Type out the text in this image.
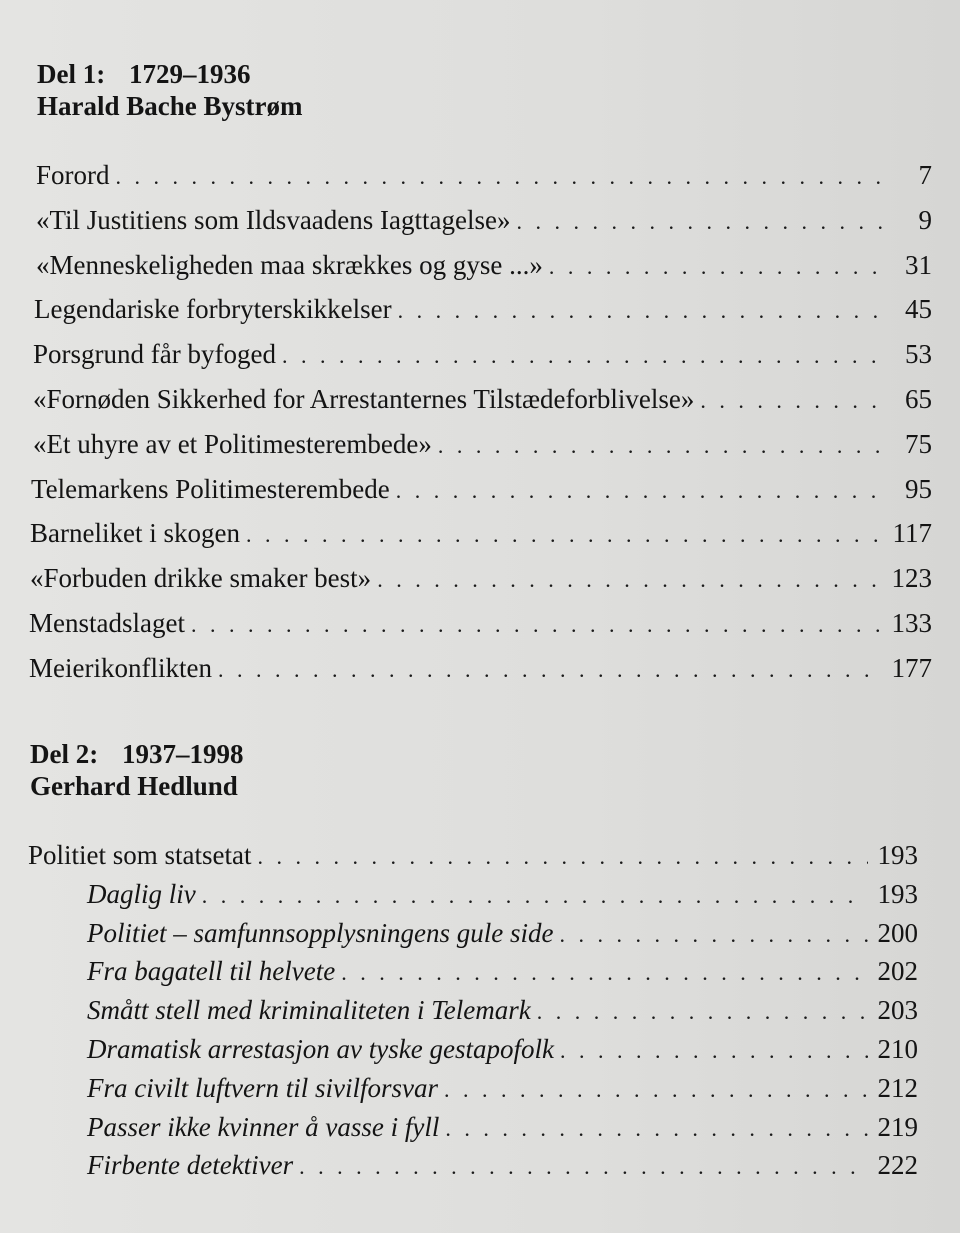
Del 1: 1729–1936
Harald Bache Bystrøm
Forord . . .	7
«Til Justitiens som Ildsvaadens Iagttagelse» . . .	9
«Menneskeligheden maa skrækkes og gyse ...» . . .	31
Legendariske forbryterskikkelser . . .	45
Porsgrund får byfoged . . .	53
«Fornøden Sikkerhed for Arrestanternes Tilstædeforblivelse» . . .	65
«Et uhyre av et Politimesterembede» . . .	75
Telemarkens Politimesterembede . . .	95
Barneliket i skogen . . .	117
«Forbuden drikke smaker best» . . .	123
Menstadslaget . . .	133
Meierikonflikten . . .	177
Del 2: 1937–1998
Gerhard Hedlund
Politiet som statsetat . . .	193
Daglig liv . . .	193
Politiet – samfunnsopplysningens gule side . . .	200
Fra bagatell til helvete . . .	202
Smått stell med kriminaliteten i Telemark . . .	203
Dramatisk arrestasjon av tyske gestapofolk . . .	210
Fra civilt luftvern til sivilforsvar . . .	212
Passer ikke kvinner å vasse i fyll . . .	219
Firbente detektiver . . .	222
